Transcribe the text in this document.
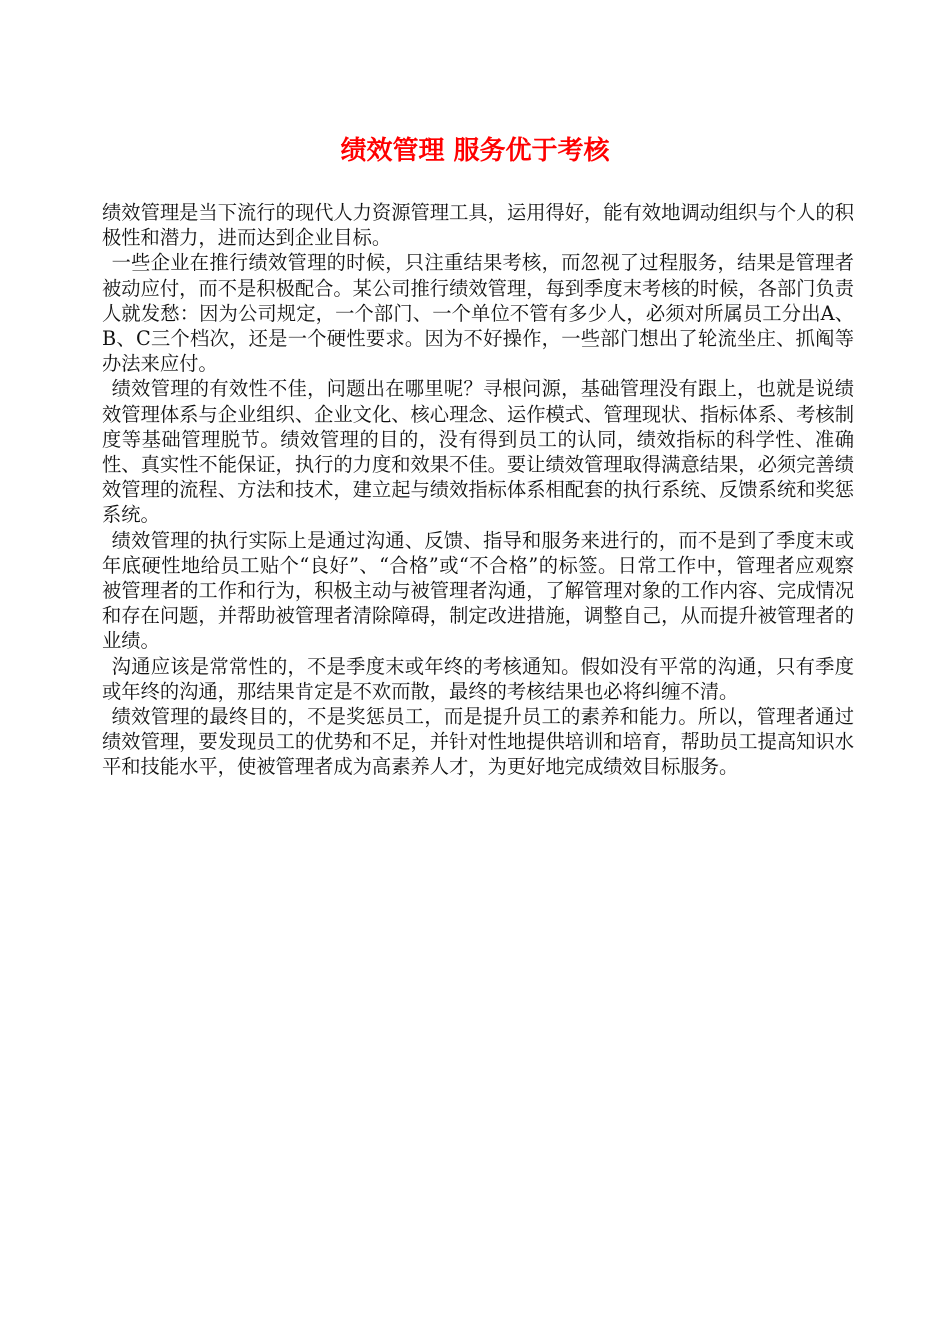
绩效管理 服务优于考核

绩效管理是当下流行的现代人力资源管理工具，运用得好，能有效地调动组织与个人的积极性和潜力，进而达到企业目标。

一些企业在推行绩效管理的时候，只注重结果考核，而忽视了过程服务，结果是管理者被动应付，而不是积极配合。某公司推行绩效管理，每到季度末考核的时候，各部门负责人就发愁：因为公司规定，一个部门、一个单位不管有多少人，必须对所属员工分出A、B、C三个档次，还是一个硬性要求。因为不好操作，一些部门想出了轮流坐庄、抓阄等办法来应付。

绩效管理的有效性不佳，问题出在哪里呢？寻根问源，基础管理没有跟上，也就是说绩效管理体系与企业组织、企业文化、核心理念、运作模式、管理现状、指标体系、考核制度等基础管理脱节。绩效管理的目的，没有得到员工的认同，绩效指标的科学性、准确性、真实性不能保证，执行的力度和效果不佳。要让绩效管理取得满意结果，必须完善绩效管理的流程、方法和技术，建立起与绩效指标体系相配套的执行系统、反馈系统和奖惩系统。

绩效管理的执行实际上是通过沟通、反馈、指导和服务来进行的，而不是到了季度末或年底硬性地给员工贴个“良好”、“合格”或“不合格”的标签。日常工作中，管理者应观察被管理者的工作和行为，积极主动与被管理者沟通，了解管理对象的工作内容、完成情况和存在问题，并帮助被管理者清除障碍，制定改进措施，调整自己，从而提升被管理者的业绩。

沟通应该是常常性的，不是季度末或年终的考核通知。假如没有平常的沟通，只有季度或年终的沟通，那结果肯定是不欢而散，最终的考核结果也必将纠缠不清。

绩效管理的最终目的，不是奖惩员工，而是提升员工的素养和能力。所以，管理者通过绩效管理，要发现员工的优势和不足，并针对性地提供培训和培育，帮助员工提高知识水平和技能水平，使被管理者成为高素养人才，为更好地完成绩效目标服务。
